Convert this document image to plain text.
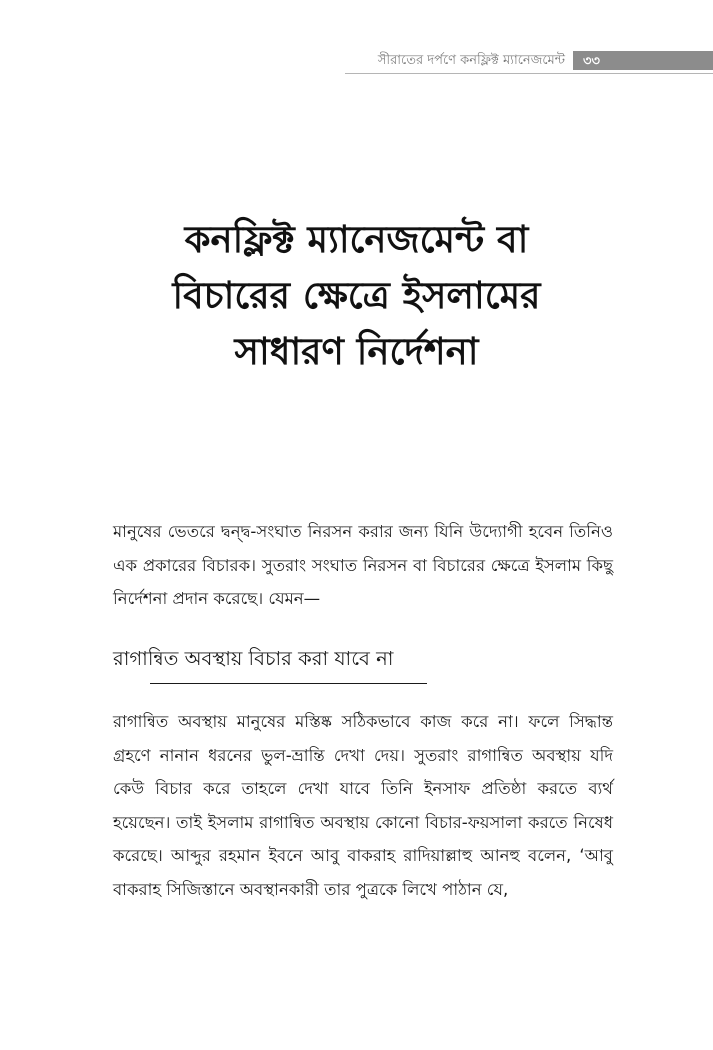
সীরাতের দর্পণে কনফ্লিক্ট ম্যানেজমেন্ট ৩৩
কনফ্লিক্ট ম্যানেজমেন্ট বা
বিচারের ক্ষেত্রে ইসলামের
সাধারণ নির্দেশনা

মানুষের ভেতরে দ্বন্দ্ব-সংঘাত নিরসন করার জন্য যিনি উদ্যোগী হবেন তিনিও এক প্রকারের বিচারক। সুতরাং সংঘাত নিরসন বা বিচারের ক্ষেত্রে ইসলাম কিছু নির্দেশনা প্রদান করেছে। যেমন—

রাগান্বিত অবস্থায় বিচার করা যাবে না

রাগান্বিত অবস্থায় মানুষের মস্তিষ্ক সঠিকভাবে কাজ করে না। ফলে সিদ্ধান্ত গ্রহণে নানান ধরনের ভুল-ভ্রান্তি দেখা দেয়। সুতরাং রাগান্বিত অবস্থায় যদি কেউ বিচার করে তাহলে দেখা যাবে তিনি ইনসাফ প্রতিষ্ঠা করতে ব্যর্থ হয়েছেন। তাই ইসলাম রাগান্বিত অবস্থায় কোনো বিচার-ফয়সালা করতে নিষেধ করেছে। আব্দুর রহমান ইবনে আবু বাকরাহ রাদিয়াল্লাহু আনহু বলেন, ‘আবু বাকরাহ সিজিস্তানে অবস্থানকারী তার পুত্রকে লিখে পাঠান যে,
